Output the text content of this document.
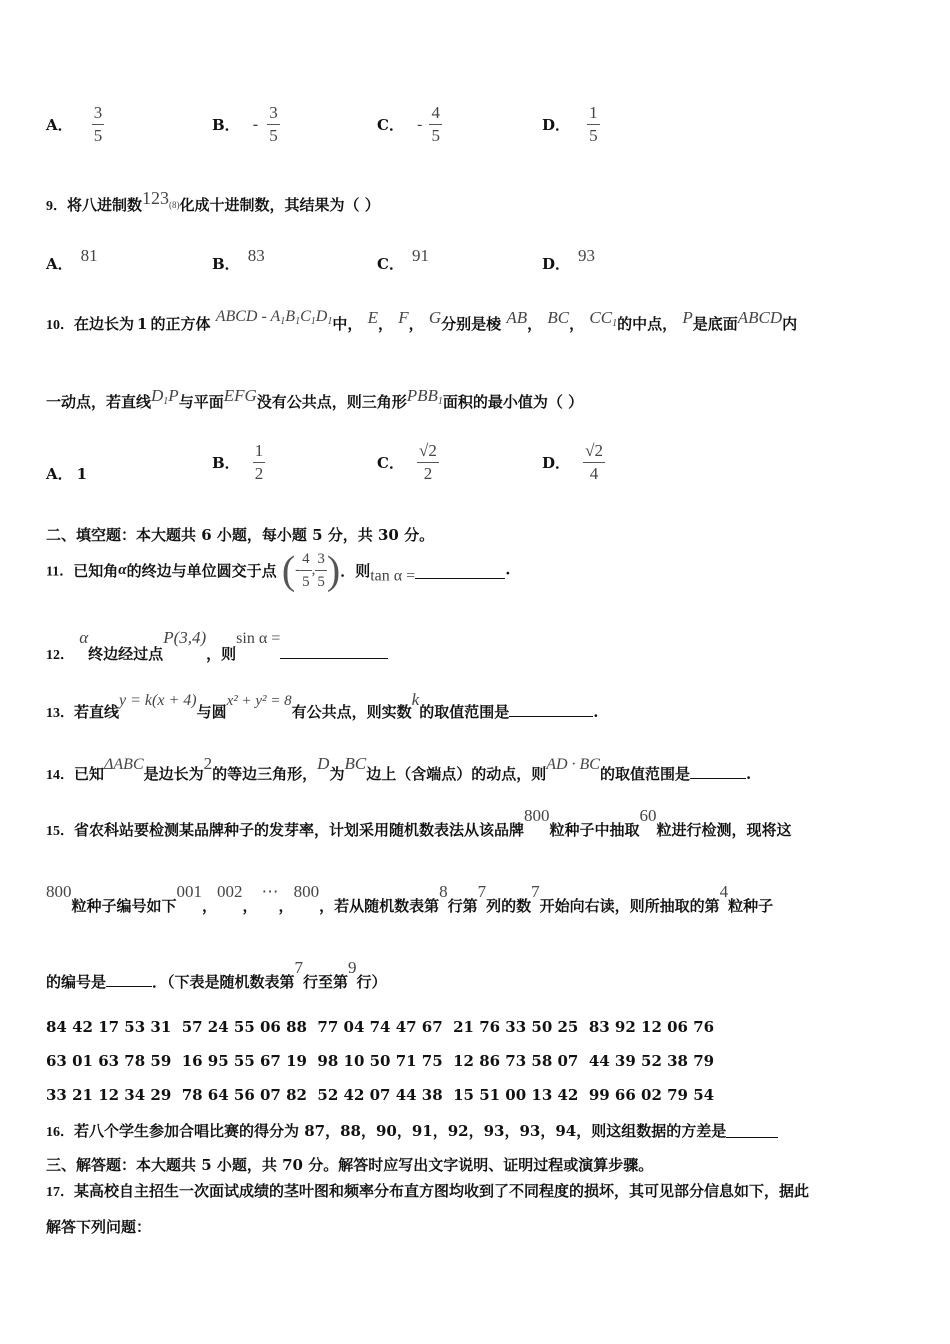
A． $\frac{3}{5}$	B． - $\frac{3}{5}$	C． - $\frac{4}{5}$	D． $\frac{1}{5}$
9．将八进制数123(8)化成十进制数，其结果为（ ）
A． 81	B． 83	C． 91	D． 93
10．在边长为 1 的正方体 ABCD - $A_1B_1C_1D_1$中， E， F， G分别是棱 AB， BC， $CC_1$的中点， P是底面ABCD内
一动点，若直线$D_1P$与平面EFG没有公共点，则三角形$PBB_1$面积的最小值为（ ）
A． 1
B． $\frac{1}{2}$	C． $\frac{√2}{2}$	D． $\frac{√2}{4}$
二、填空题：本大题共 6 小题，每小题 5 分，共 30 分。
11．已知角α的终边与单位圆交于点 (- $\frac{4}{5}$ , $\frac{3}{5}$ )．则tan α =	.
12． α终边经过点P(3,4)，则sin α =
13．若直线y = k(x + 4)与圆x² + y² = 8有公共点，则实数k的取值范围是	.
14．已知ΔABC是边长为2的等边三角形，D为BC边上（含端点）的动点，则AD · BC的取值范围是	.
15．省农科站要检测某品牌种子的发芽率，计划采用随机数表法从该品牌800粒种子中抽取60粒进行检测，现将这
800粒种子编号如下001，002，⋯，800，若从随机数表第8行第7列的数7开始向右读，则所抽取的第4粒种子
的编号是	．（下表是随机数表第7行至第9行）
84 42 17 53 31  57 24 55 06 88  77 04 74 47 67  21 76 33 50 25  83 92 12 06 76
63 01 63 78 59  16 95 55 67 19  98 10 50 71 75  12 86 73 58 07  44 39 52 38 79
33 21 12 34 29  78 64 56 07 82  52 42 07 44 38  15 51 00 13 42  99 66 02 79 54
16．若八个学生参加合唱比赛的得分为 87，88，90，91，92，93，93，94，则这组数据的方差是
三、解答题：本大题共 5 小题，共 70 分。解答时应写出文字说明、证明过程或演算步骤。
17．某高校自主招生一次面试成绩的茎叶图和频率分布直方图均收到了不同程度的损坏，其可见部分信息如下，据此
解答下列问题：
